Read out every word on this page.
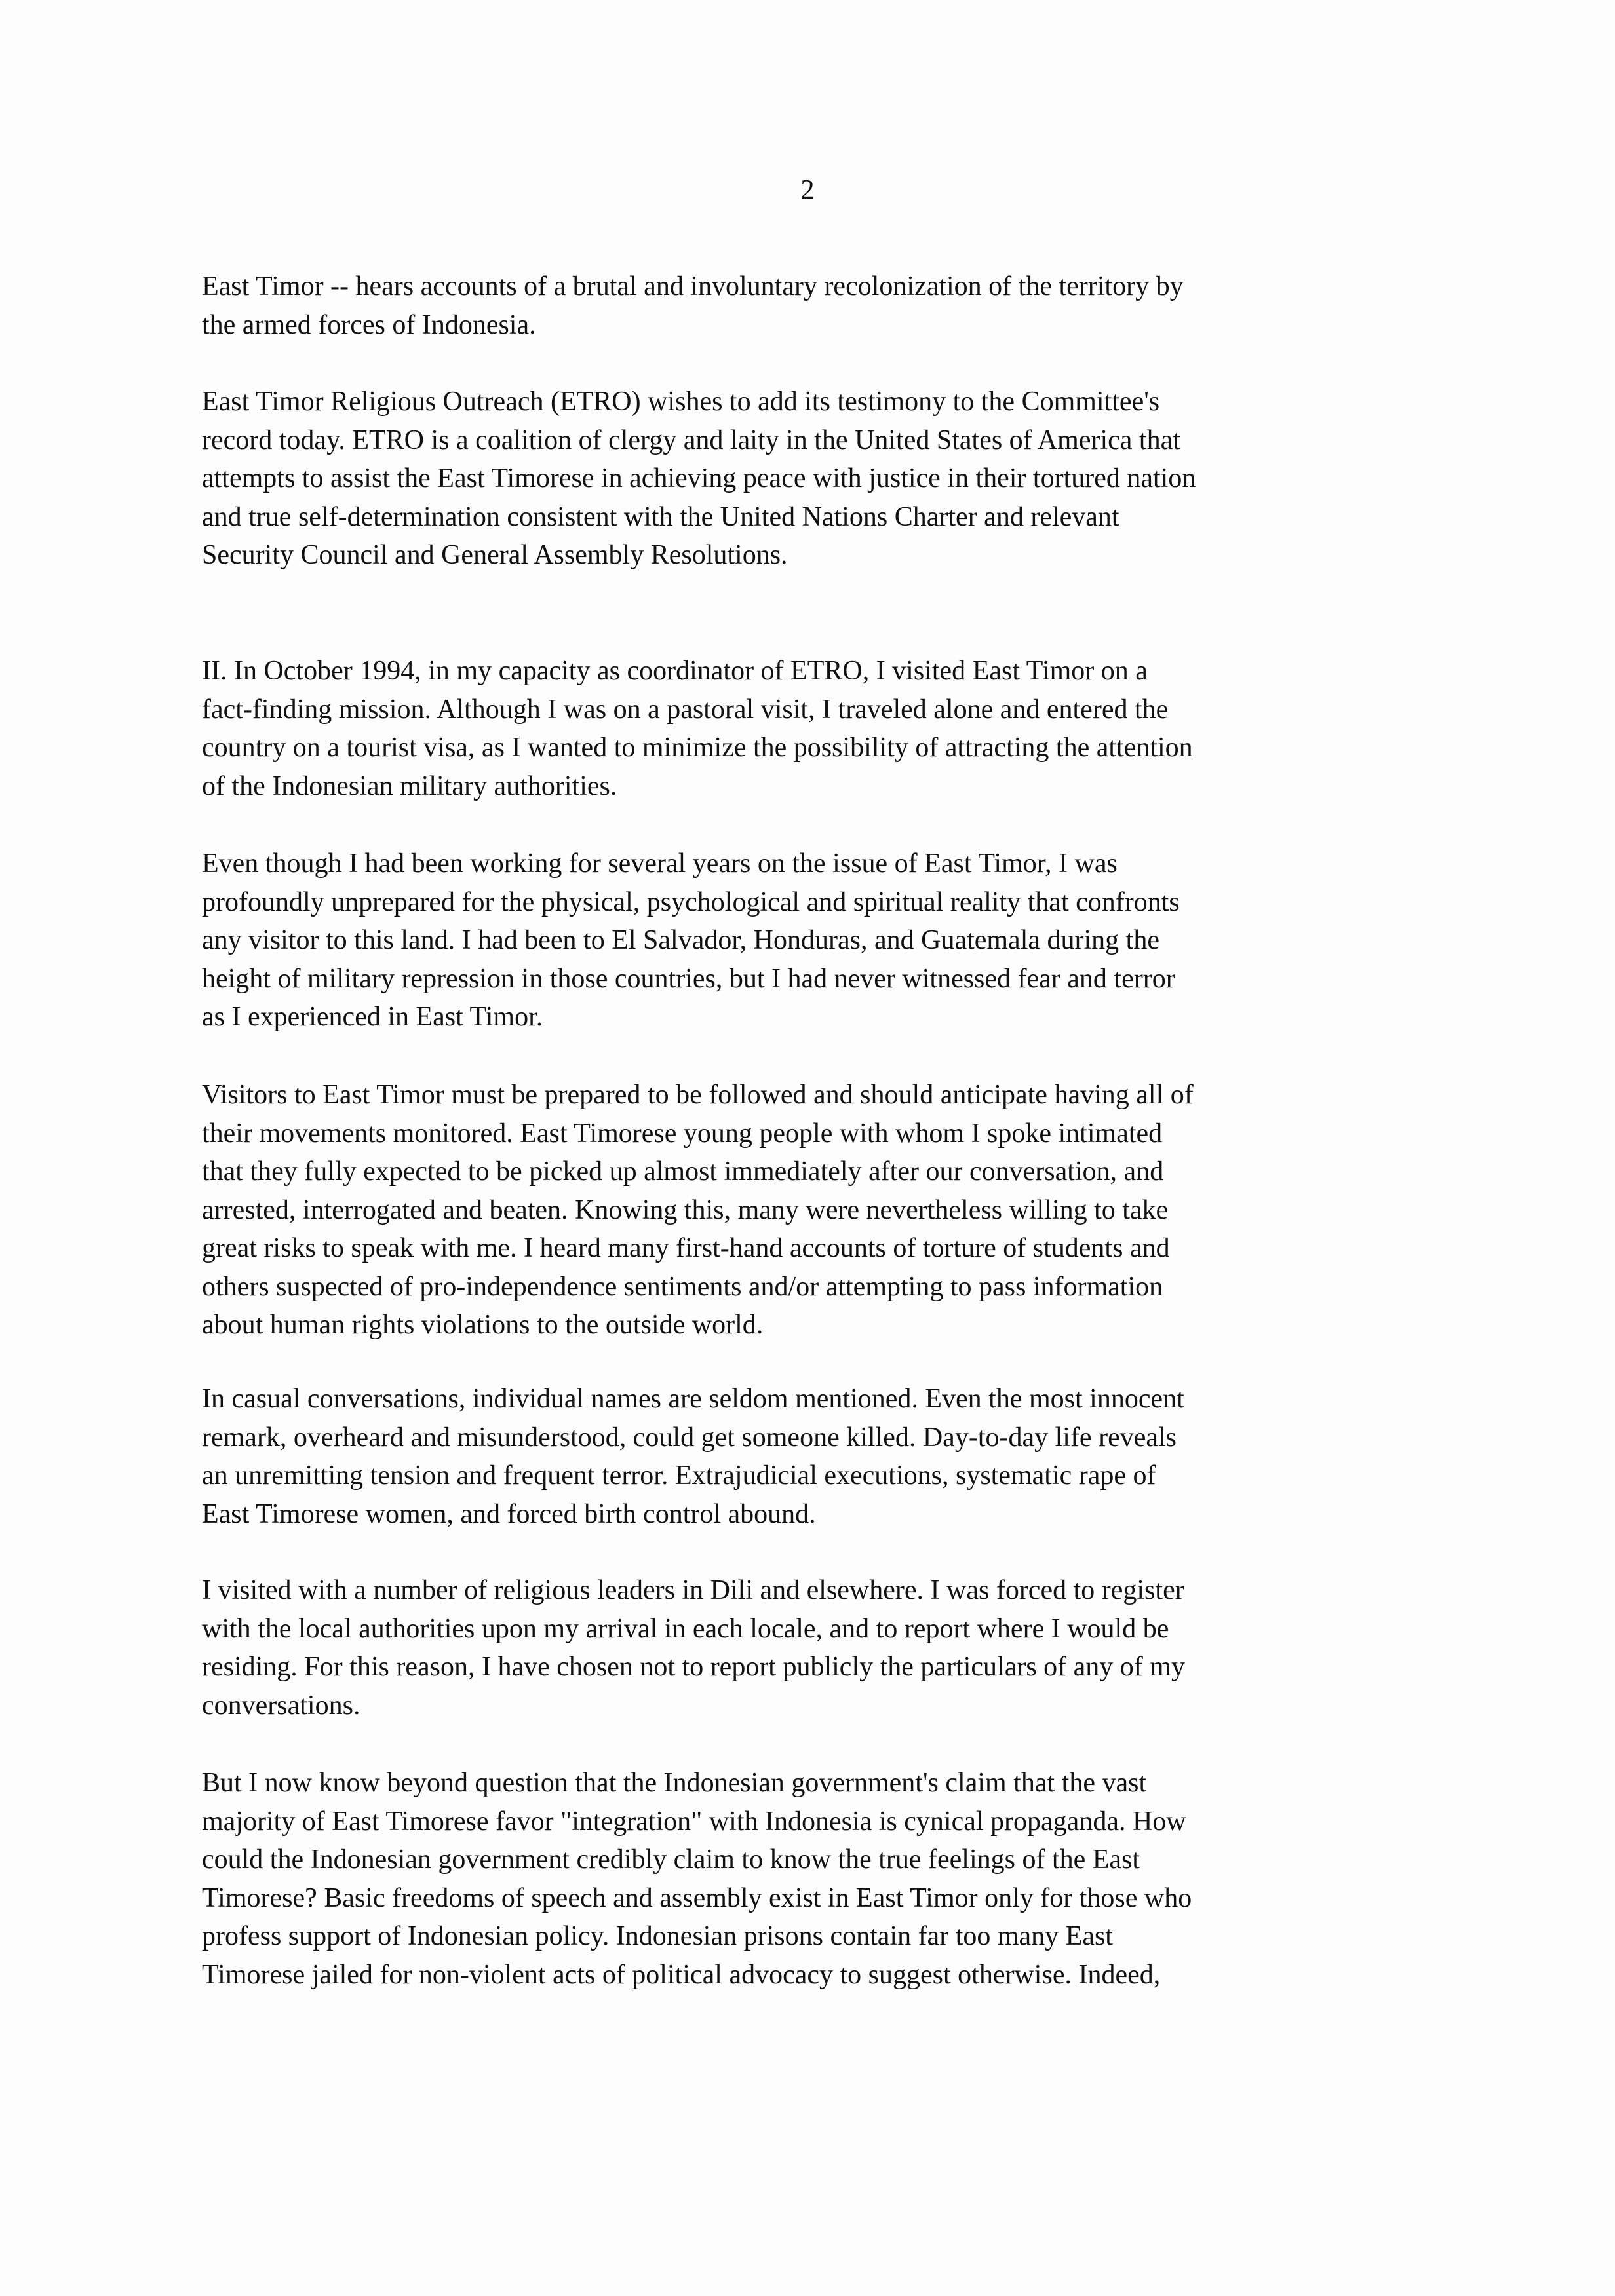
2
East Timor -- hears accounts of a brutal and involuntary recolonization of the territory by
the armed forces of Indonesia.
East Timor Religious Outreach (ETRO) wishes to add its testimony to the Committee's
record today. ETRO is a coalition of clergy and laity in the United States of America that
attempts to assist the East Timorese in achieving peace with justice in their tortured nation
and true self-determination consistent with the United Nations Charter and relevant
Security Council and General Assembly Resolutions.
II. In October 1994, in my capacity as coordinator of ETRO, I visited East Timor on a
fact-finding mission. Although I was on a pastoral visit, I traveled alone and entered the
country on a tourist visa, as I wanted to minimize the possibility of attracting the attention
of the Indonesian military authorities.
Even though I had been working for several years on the issue of East Timor, I was
profoundly unprepared for the physical, psychological and spiritual reality that confronts
any visitor to this land. I had been to El Salvador, Honduras, and Guatemala during the
height of military repression in those countries, but I had never witnessed fear and terror
as I experienced in East Timor.
Visitors to East Timor must be prepared to be followed and should anticipate having all of
their movements monitored. East Timorese young people with whom I spoke intimated
that they fully expected to be picked up almost immediately after our conversation, and
arrested, interrogated and beaten. Knowing this, many were nevertheless willing to take
great risks to speak with me. I heard many first-hand accounts of torture of students and
others suspected of pro-independence sentiments and/or attempting to pass information
about human rights violations to the outside world.
In casual conversations, individual names are seldom mentioned. Even the most innocent
remark, overheard and misunderstood, could get someone killed. Day-to-day life reveals
an unremitting tension and frequent terror. Extrajudicial executions, systematic rape of
East Timorese women, and forced birth control abound.
I visited with a number of religious leaders in Dili and elsewhere. I was forced to register
with the local authorities upon my arrival in each locale, and to report where I would be
residing. For this reason, I have chosen not to report publicly the particulars of any of my
conversations.
But I now know beyond question that the Indonesian government's claim that the vast
majority of East Timorese favor "integration" with Indonesia is cynical propaganda. How
could the Indonesian government credibly claim to know the true feelings of the East
Timorese? Basic freedoms of speech and assembly exist in East Timor only for those who
profess support of Indonesian policy. Indonesian prisons contain far too many East
Timorese jailed for non-violent acts of political advocacy to suggest otherwise. Indeed,
